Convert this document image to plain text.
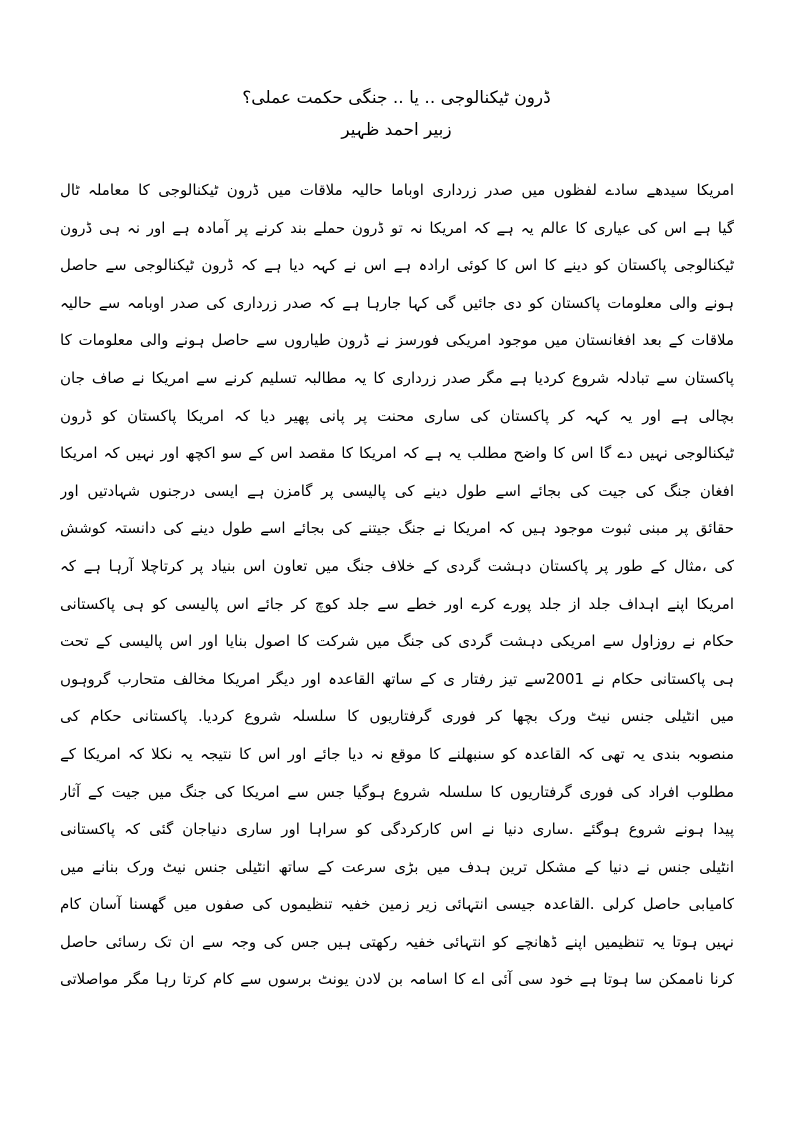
ڈرون ٹیکنالوجی .. یا .. جنگی حکمت عملی؟
زبیر احمد ظہیر
امریکا سیدھے سادے لفظوں میں صدر زرداری اوباما حالیہ ملاقات میں ڈرون ٹیکنالوجی کا معاملہ ٹال
گیا ہے اس کی عیاری کا عالم یہ ہے کہ امریکا نہ تو ڈرون حملے بند کرنے پر آمادہ ہے اور نہ ہی ڈرون
ٹیکنالوجی پاکستان کو دینے کا اس کا کوئی ارادہ ہے اس نے کہہ دیا ہے کہ ڈرون ٹیکنالوجی سے حاصل
ہونے والی معلومات پاکستان کو دی جائیں گی کہا جارہا ہے کہ صدر زرداری کی صدر اوبامہ سے حالیہ
ملاقات کے بعد افغانستان میں موجود امریکی فورسز نے ڈرون طیاروں سے حاصل ہونے والی معلومات کا
پاکستان سے تبادلہ شروع کردیا ہے مگر صدر زرداری کا یہ مطالبہ تسلیم کرنے سے امریکا نے صاف جان
بچالی ہے اور یہ کہہ کر پاکستان کی ساری محنت پر پانی پھیر دیا کہ امریکا پاکستان کو ڈرون
ٹیکنالوجی نہیں دے گا اس کا واضح مطلب یہ ہے کہ امریکا کا مقصد اس کے سو اکچھ اور نہیں کہ امریکا
افغان جنگ کی جیت کی بجائے اسے طول دینے کی پالیسی پر گامزن ہے ایسی درجنوں شہادتیں اور
حقائق پر مبنی ثبوت موجود ہیں کہ امریکا نے جنگ جیتنے کی بجائے اسے طول دینے کی دانستہ کوشش
کی ،مثال کے طور پر پاکستان دہشت گردی کے خلاف جنگ میں تعاون اس بنیاد پر کرتاچلا آرہا ہے کہ
امریکا اپنے اہداف جلد از جلد پورے کرے اور خطے سے جلد کوچ کر جائے اس پالیسی کو ہی پاکستانی
حکام نے روزاول سے امریکی دہشت گردی کی جنگ میں شرکت کا اصول بنایا اور اس پالیسی کے تحت
ہی پاکستانی حکام نے 2001سے تیز رفتار ی کے ساتھ القاعدہ اور دیگر امریکا مخالف متحارب گروہوں
میں انٹیلی جنس نیٹ ورک بچھا کر فوری گرفتاریوں کا سلسلہ شروع کردیا. پاکستانی حکام کی
منصوبہ بندی یہ تھی کہ القاعدہ کو سنبھلنے کا موقع نہ دیا جائے اور اس کا نتیجہ یہ نکلا کہ امریکا کے
مطلوب افراد کی فوری گرفتاریوں کا سلسلہ شروع ہوگیا جس سے امریکا کی جنگ میں جیت کے آثار
پیدا ہونے شروع ہوگئے .ساری دنیا نے اس کارکردگی کو سراہا اور ساری دنیاجان گئی کہ پاکستانی
انٹیلی جنس نے دنیا کے مشکل ترین ہدف میں بڑی سرعت کے ساتھ انٹیلی جنس نیٹ ورک بنانے میں
کامیابی حاصل کرلی .القاعدہ جیسی انتہائی زیر زمین خفیہ تنظیموں کی صفوں میں گھسنا آسان کام
نہیں ہوتا یہ تنظیمیں اپنے ڈھانچے کو انتہائی خفیہ رکھتی ہیں جس کی وجہ سے ان تک رسائی حاصل
کرنا ناممکن سا ہوتا ہے خود سی آئی اے کا اسامہ بن لادن یونٹ برسوں سے کام کرتا رہا مگر مواصلاتی
